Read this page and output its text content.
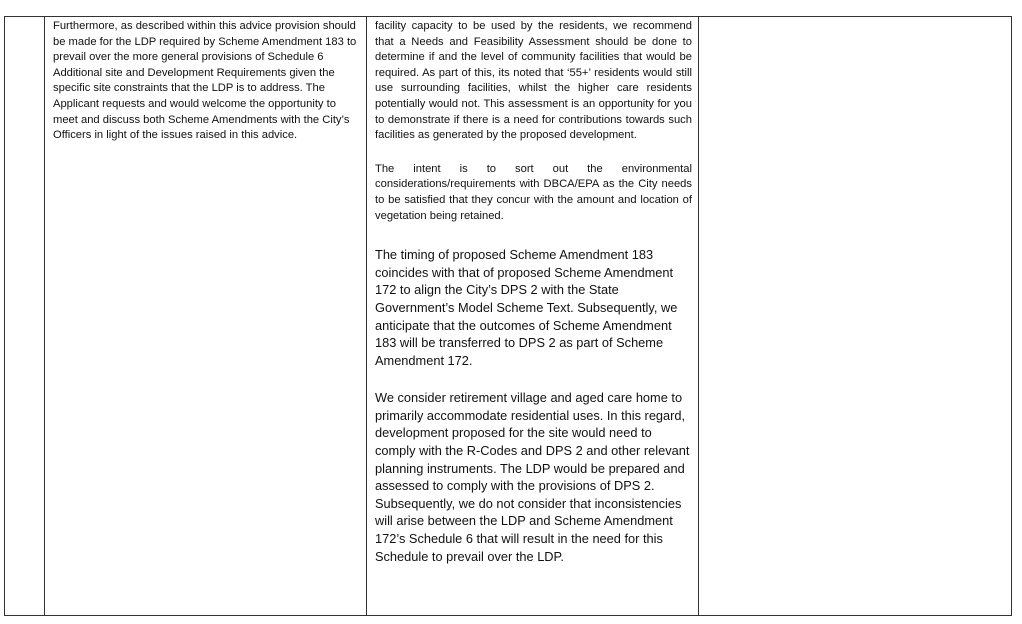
Furthermore, as described within this advice provision should be made for the LDP required by Scheme Amendment 183 to prevail over the more general provisions of Schedule 6 Additional site and Development Requirements given the specific site constraints that the LDP is to address. The Applicant requests and would welcome the opportunity to meet and discuss both Scheme Amendments with the City’s Officers in light of the issues raised in this advice.

facility capacity to be used by the residents, we recommend that a Needs and Feasibility Assessment should be done to determine if and the level of community facilities that would be required. As part of this, its noted that ‘55+’ residents would still use surrounding facilities, whilst the higher care residents potentially would not. This assessment is an opportunity for you to demonstrate if there is a need for contributions towards such facilities as generated by the proposed development.

The intent is to sort out the environmental considerations/requirements with DBCA/EPA as the City needs to be satisfied that they concur with the amount and location of vegetation being retained.

The timing of proposed Scheme Amendment 183 coincides with that of proposed Scheme Amendment 172 to align the City’s DPS 2 with the State Government’s Model Scheme Text. Subsequently, we anticipate that the outcomes of Scheme Amendment 183 will be transferred to DPS 2 as part of Scheme Amendment 172.

We consider retirement village and aged care home to primarily accommodate residential uses. In this regard, development proposed for the site would need to comply with the R-Codes and DPS 2 and other relevant planning instruments. The LDP would be prepared and assessed to comply with the provisions of DPS 2. Subsequently, we do not consider that inconsistencies will arise between the LDP and Scheme Amendment 172’s Schedule 6 that will result in the need for this Schedule to prevail over the LDP.
